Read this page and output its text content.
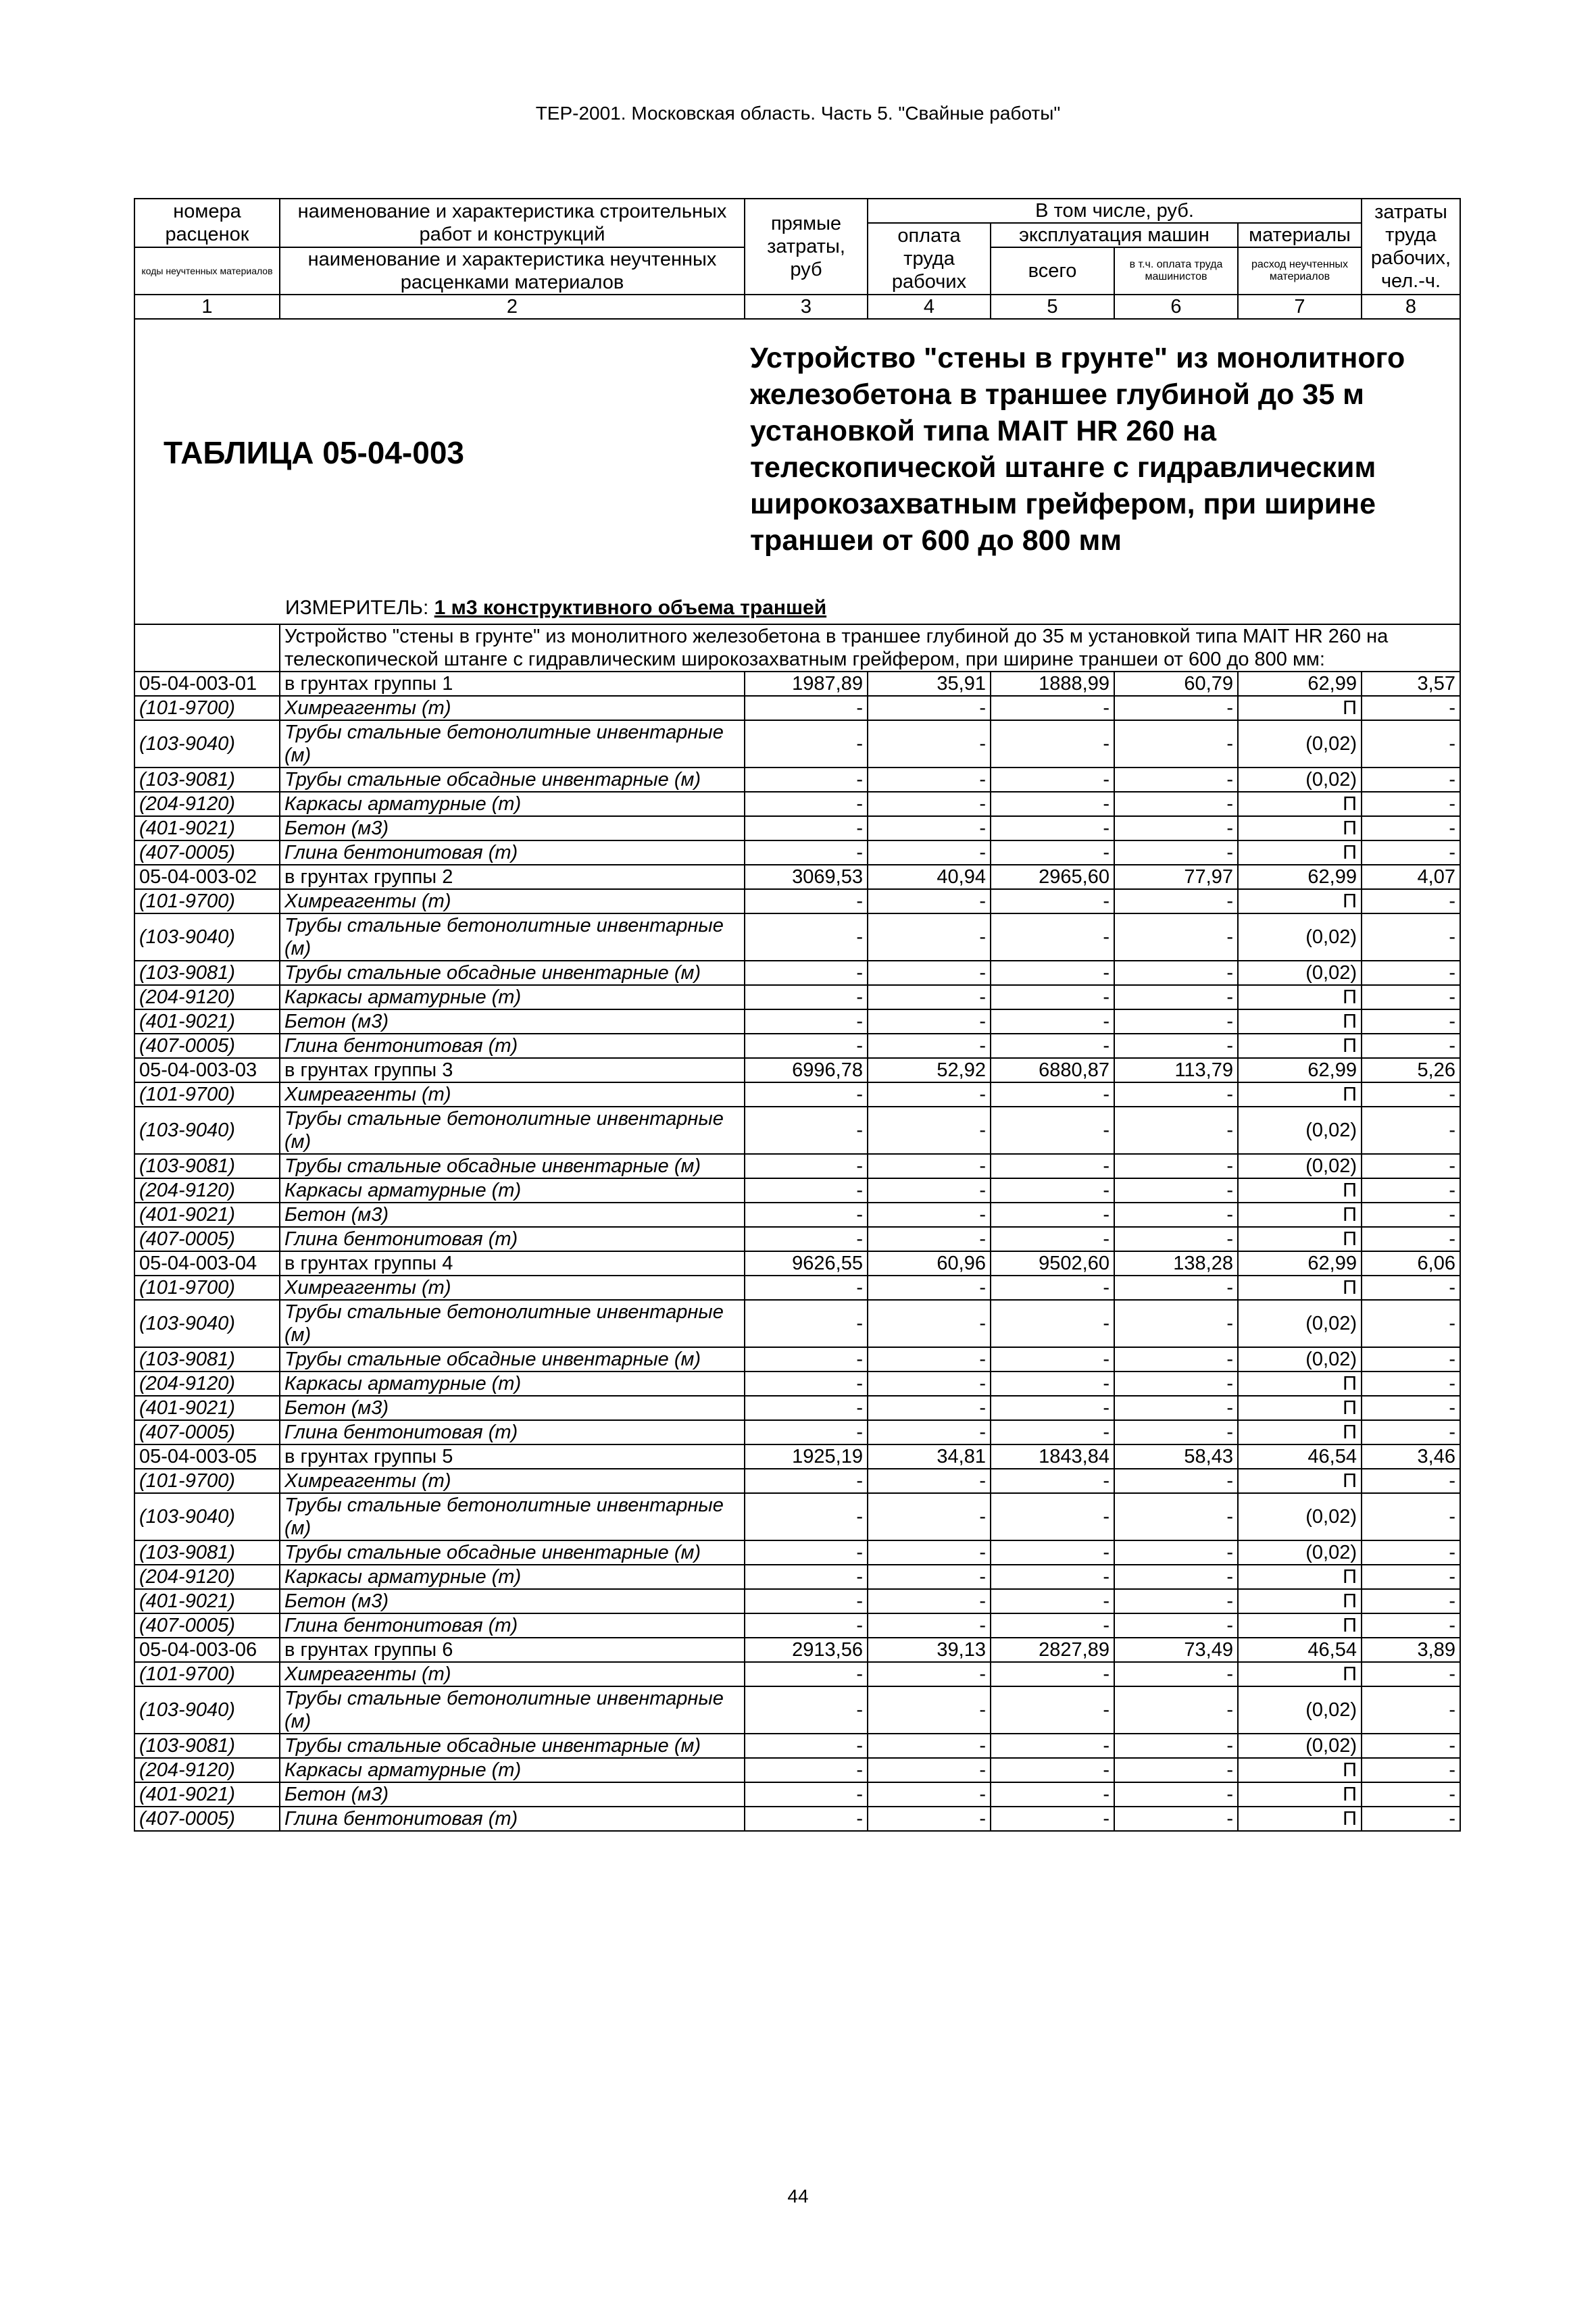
ТЕР-2001. Московская область. Часть 5. "Свайные работы"
номера расценок	наименование и характеристика строительных работ и конструкций	прямые затраты, руб	В том числе, руб.				затраты труда рабочих, чел.-ч.
			оплата труда рабочих	эксплуатация машин		материалы	
коды неучтенных материалов	наименование и характеристика неучтенных расценками материалов			всего	в т.ч. оплата труда машинистов	расход неучтенных материалов	

1	2	3	4	5	6	7	8

ТАБЛИЦА 05-04-003
Устройство "стены в грунте" из монолитного железобетона в траншее глубиной до 35 м установкой типа MAIT HR 260 на телескопической штанге с гидравлическим широкозахватным грейфером, при ширине траншеи от 600 до 800 мм
ИЗМЕРИТЕЛЬ: 1 м3 конструктивного объема траншей							

	Устройство "стены в грунте" из монолитного железобетона в траншее глубиной до 35 м установкой типа MAIT HR 260 на телескопической штанге с гидравлическим широкозахватным грейфером, при ширине траншеи от 600 до 800 мм:						
05-04-003-01	в грунтах группы 1	1987,89	35,91	1888,99	60,79	62,99	3,57
(101-9700)	Химреагенты (т)	-	-	-	-	П	-
(103-9040)	Трубы стальные бетонолитные инвентарные (м)	-	-	-	-	(0,02)	-
(103-9081)	Трубы стальные обсадные инвентарные (м)	-	-	-	-	(0,02)	-
(204-9120)	Каркасы арматурные (т)	-	-	-	-	П	-
(401-9021)	Бетон (м3)	-	-	-	-	П	-
(407-0005)	Глина бентонитовая (т)	-	-	-	-	П	-
05-04-003-02	в грунтах группы 2	3069,53	40,94	2965,60	77,97	62,99	4,07
(101-9700)	Химреагенты (т)	-	-	-	-	П	-
(103-9040)	Трубы стальные бетонолитные инвентарные (м)	-	-	-	-	(0,02)	-
(103-9081)	Трубы стальные обсадные инвентарные (м)	-	-	-	-	(0,02)	-
(204-9120)	Каркасы арматурные (т)	-	-	-	-	П	-
(401-9021)	Бетон (м3)	-	-	-	-	П	-
(407-0005)	Глина бентонитовая (т)	-	-	-	-	П	-
05-04-003-03	в грунтах группы 3	6996,78	52,92	6880,87	113,79	62,99	5,26
(101-9700)	Химреагенты (т)	-	-	-	-	П	-
(103-9040)	Трубы стальные бетонолитные инвентарные (м)	-	-	-	-	(0,02)	-
(103-9081)	Трубы стальные обсадные инвентарные (м)	-	-	-	-	(0,02)	-
(204-9120)	Каркасы арматурные (т)	-	-	-	-	П	-
(401-9021)	Бетон (м3)	-	-	-	-	П	-
(407-0005)	Глина бентонитовая (т)	-	-	-	-	П	-
05-04-003-04	в грунтах группы 4	9626,55	60,96	9502,60	138,28	62,99	6,06
(101-9700)	Химреагенты (т)	-	-	-	-	П	-
(103-9040)	Трубы стальные бетонолитные инвентарные (м)	-	-	-	-	(0,02)	-
(103-9081)	Трубы стальные обсадные инвентарные (м)	-	-	-	-	(0,02)	-
(204-9120)	Каркасы арматурные (т)	-	-	-	-	П	-
(401-9021)	Бетон (м3)	-	-	-	-	П	-
(407-0005)	Глина бентонитовая (т)	-	-	-	-	П	-
05-04-003-05	в грунтах группы 5	1925,19	34,81	1843,84	58,43	46,54	3,46
(101-9700)	Химреагенты (т)	-	-	-	-	П	-
(103-9040)	Трубы стальные бетонолитные инвентарные (м)	-	-	-	-	(0,02)	-
(103-9081)	Трубы стальные обсадные инвентарные (м)	-	-	-	-	(0,02)	-
(204-9120)	Каркасы арматурные (т)	-	-	-	-	П	-
(401-9021)	Бетон (м3)	-	-	-	-	П	-
(407-0005)	Глина бентонитовая (т)	-	-	-	-	П	-
05-04-003-06	в грунтах группы 6	2913,56	39,13	2827,89	73,49	46,54	3,89
(101-9700)	Химреагенты (т)	-	-	-	-	П	-
(103-9040)	Трубы стальные бетонолитные инвентарные (м)	-	-	-	-	(0,02)	-
(103-9081)	Трубы стальные обсадные инвентарные (м)	-	-	-	-	(0,02)	-
(204-9120)	Каркасы арматурные (т)	-	-	-	-	П	-
(401-9021)	Бетон (м3)	-	-	-	-	П	-
(407-0005)	Глина бентонитовая (т)	-	-	-	-	П	-
44
